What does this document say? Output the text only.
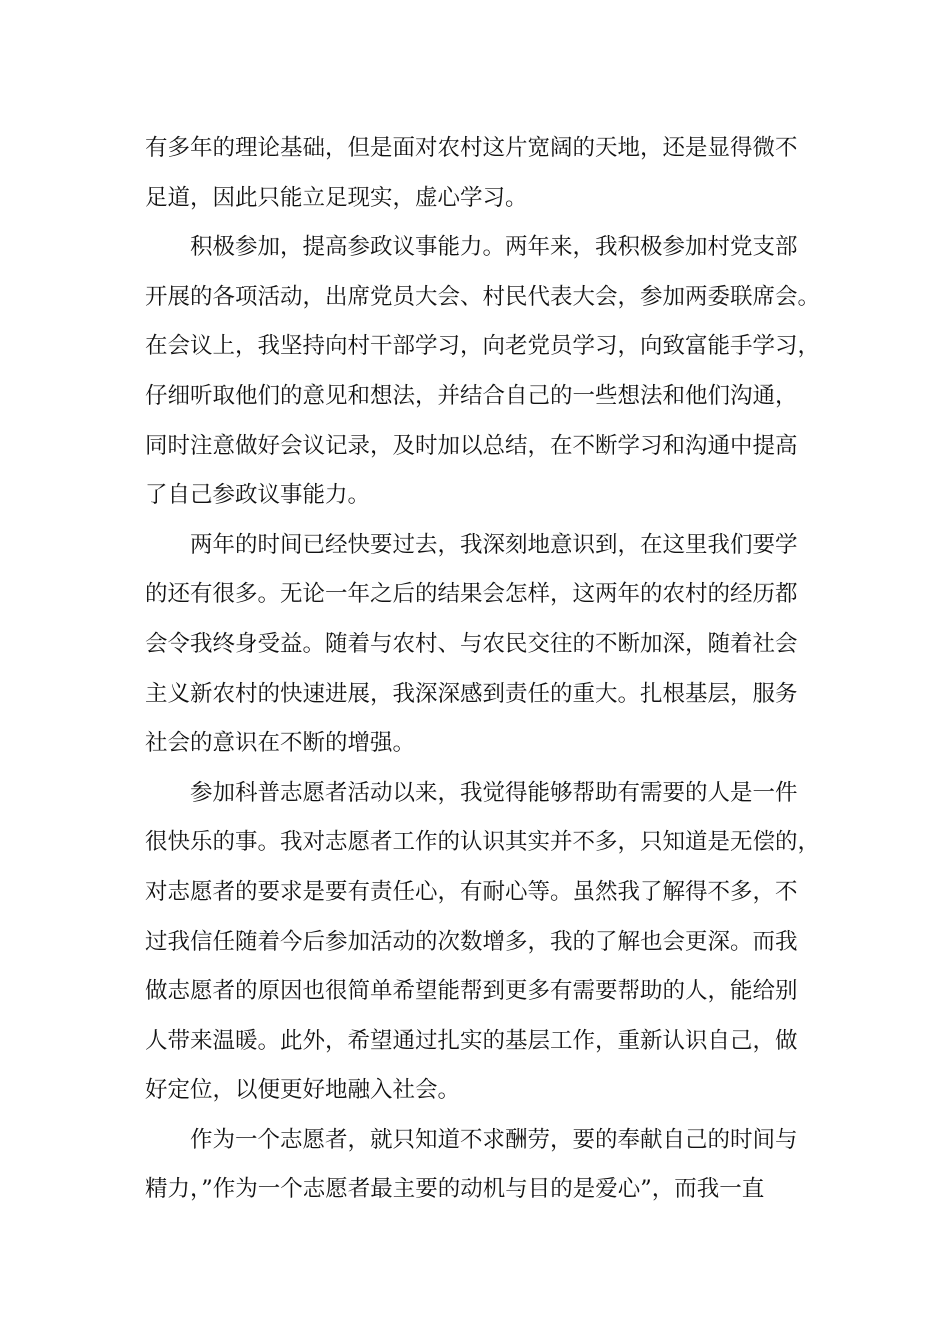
有多年的理论基础，但是面对农村这片宽阔的天地，还是显得微不
足道，因此只能立足现实，虚心学习。
积极参加，提高参政议事能力。两年来，我积极参加村党支部
开展的各项活动，出席党员大会、村民代表大会，参加两委联席会。
在会议上，我坚持向村干部学习，向老党员学习，向致富能手学习，
仔细听取他们的意见和想法，并结合自己的一些想法和他们沟通，
同时注意做好会议记录，及时加以总结，在不断学习和沟通中提高
了自己参政议事能力。
两年的时间已经快要过去，我深刻地意识到，在这里我们要学
的还有很多。无论一年之后的结果会怎样，这两年的农村的经历都
会令我终身受益。随着与农村、与农民交往的不断加深，随着社会
主义新农村的快速进展，我深深感到责任的重大。扎根基层，服务
社会的意识在不断的增强。
参加科普志愿者活动以来，我觉得能够帮助有需要的人是一件
很快乐的事。我对志愿者工作的认识其实并不多，只知道是无偿的，
对志愿者的要求是要有责任心，有耐心等。虽然我了解得不多，不
过我信任随着今后参加活动的次数增多，我的了解也会更深。而我
做志愿者的原因也很简单希望能帮到更多有需要帮助的人，能给别
人带来温暖。此外，希望通过扎实的基层工作，重新认识自己，做
好定位，以便更好地融入社会。
作为一个志愿者，就只知道不求酬劳，要的奉献自己的时间与
精力，”作为一个志愿者最主要的动机与目的是爱心”，而我一直
